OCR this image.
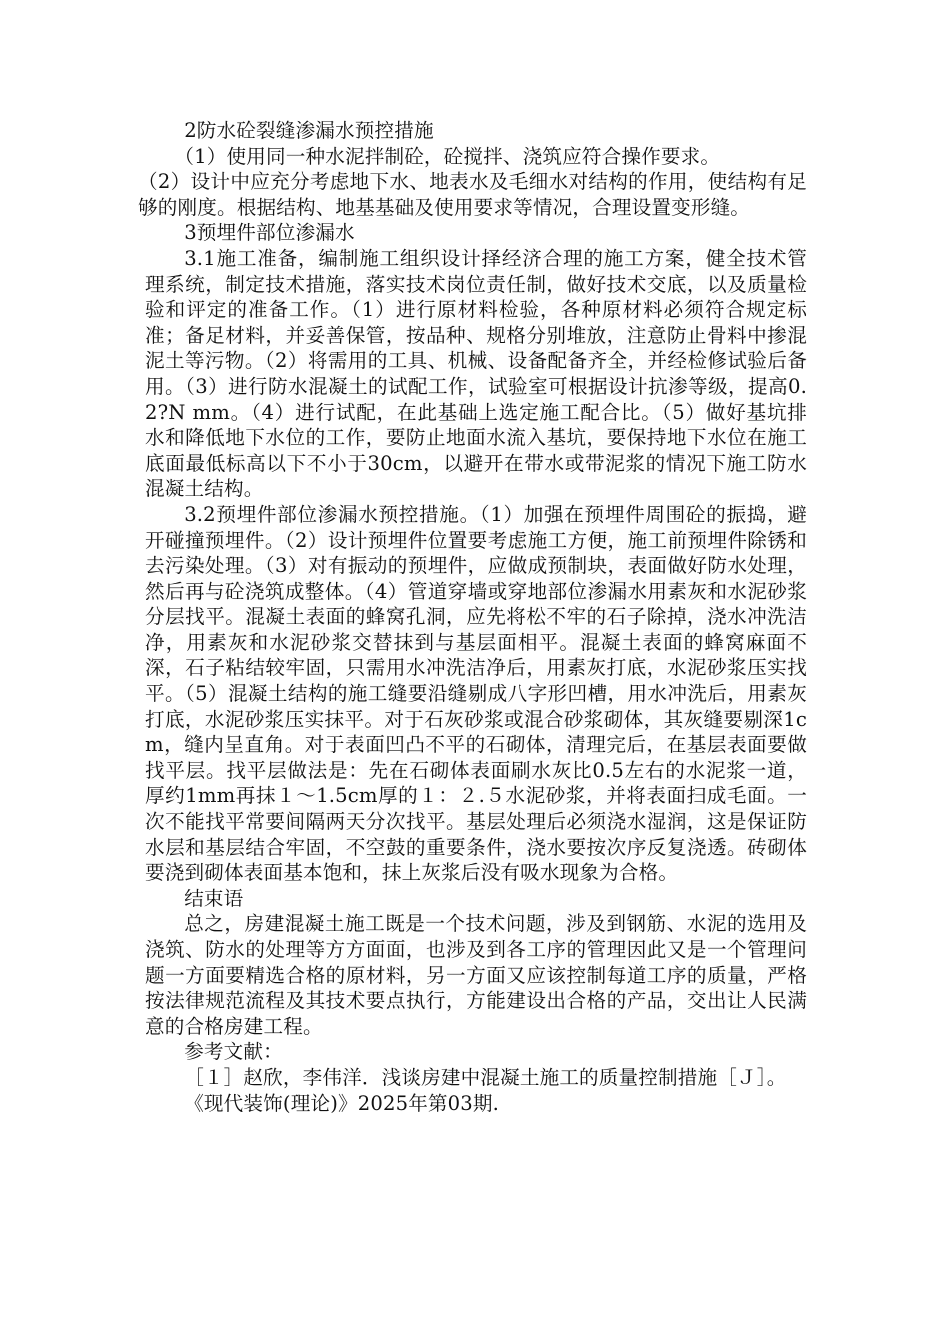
2防水砼裂缝渗漏水预控措施

（1）使用同一种水泥拌制砼，砼搅拌、浇筑应符合操作要求。

（2）设计中应充分考虑地下水、地表水及毛细水对结构的作用，使结构有足够的刚度。根据结构、地基基础及使用要求等情况，合理设置变形缝。

3预埋件部位渗漏水

3.1施工准备，编制施工组织设计择经济合理的施工方案，健全技术管理系统，制定技术措施，落实技术岗位责任制，做好技术交底，以及质量检验和评定的准备工作。（1）进行原材料检验，各种原材料必须符合规定标准；备足材料，并妥善保管，按品种、规格分别堆放，注意防止骨料中掺混泥土等污物。（2）将需用的工具、机械、设备配备齐全，并经检修试验后备用。（3）进行防水混凝土的试配工作，试验室可根据设计抗渗等级，提高0.2?N mm。（4）进行试配，在此基础上选定施工配合比。（5）做好基坑排水和降低地下水位的工作，要防止地面水流入基坑，要保持地下水位在施工底面最低标高以下不小于30cm，以避开在带水或带泥浆的情况下施工防水混凝土结构。

3.2预埋件部位渗漏水预控措施。（1）加强在预埋件周围砼的振捣，避开碰撞预埋件。（2）设计预埋件位置要考虑施工方便，施工前预埋件除锈和去污染处理。（3）对有振动的预埋件，应做成预制块，表面做好防水处理，然后再与砼浇筑成整体。（4）管道穿墙或穿地部位渗漏水用素灰和水泥砂浆分层找平。混凝土表面的蜂窝孔洞，应先将松不牢的石子除掉，浇水冲洗洁净，用素灰和水泥砂浆交替抹到与基层面相平。混凝土表面的蜂窝麻面不深，石子粘结较牢固，只需用水冲洗洁净后，用素灰打底，水泥砂浆压实找平。（5）混凝土结构的施工缝要沿缝剔成八字形凹槽，用水冲洗后，用素灰打底，水泥砂浆压实抹平。对于石灰砂浆或混合砂浆砌体，其灰缝要剔深1cm，缝内呈直角。对于表面凹凸不平的石砌体，清理完后，在基层表面要做找平层。找平层做法是：先在石砌体表面刷水灰比0.5左右的水泥浆一道，厚约1mm再抹１～1.5cm厚的１：２.５水泥砂浆，并将表面扫成毛面。一次不能找平常要间隔两天分次找平。基层处理后必须浇水湿润，这是保证防水层和基层结合牢固，不空鼓的重要条件，浇水要按次序反复浇透。砖砌体要浇到砌体表面基本饱和，抹上灰浆后没有吸水现象为合格。

结束语

总之，房建混凝土施工既是一个技术问题，涉及到钢筋、水泥的选用及浇筑、防水的处理等方方面面，也涉及到各工序的管理因此又是一个管理问题一方面要精选合格的原材料，另一方面又应该控制每道工序的质量，严格按法律规范流程及其技术要点执行，方能建设出合格的产品，交出让人民满意的合格房建工程。

参考文献：

［１］赵欣，李伟洋．浅谈房建中混凝土施工的质量控制措施［Ｊ］。

《现代装饰(理论)》2025年第03期.
